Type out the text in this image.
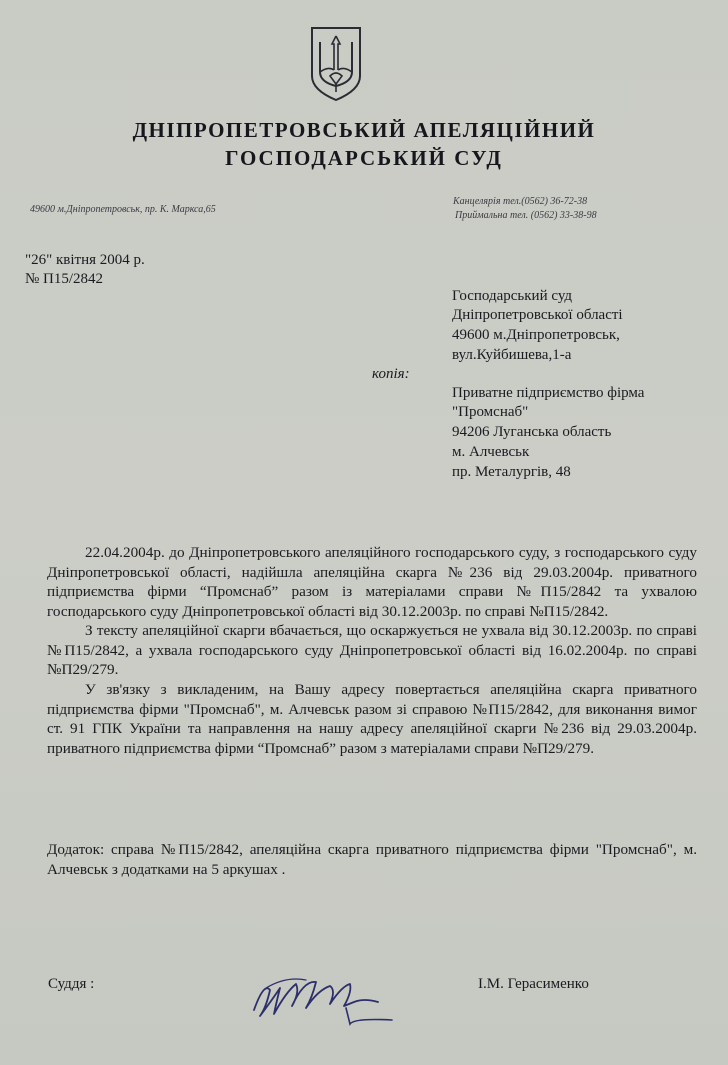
ДНІПРОПЕТРОВСЬКИЙ АПЕЛЯЦІЙНИЙ
ГОСПОДАРСЬКИЙ СУД
49600 м.Дніпропетровськ, пр. К. Маркса,65
Канцелярія тел.(0562) 36-72-38
Приймальна тел. (0562) 33-38-98
"26" квітня 2004 р.
№ П15/2842
Господарський суд
Дніпропетровської області
49600 м.Дніпропетровськ,
вул.Куйбишева,1-а
копія:
Приватне підприємство фірма
"Промснаб"
94206 Луганська область
м. Алчевськ
пр. Металургів, 48
22.04.2004р. до Дніпропетровського апеляційного господарського суду, з господарського суду Дніпропетровської області, надійшла апеляційна скарга №236 від 29.03.2004р. приватного підприємства фірми “Промснаб” разом із матеріалами справи №П15/2842 та ухвалою господарського суду Дніпропетровської області від 30.12.2003р. по справі №П15/2842.
З тексту апеляційної скарги вбачається, що оскаржується не ухвала від 30.12.2003р. по справі №П15/2842, а ухвала господарського суду Дніпропетровської області від 16.02.2004р. по справі №П29/279.
У зв'язку з викладеним, на Вашу адресу повертається апеляційна скарга приватного підприємства фірми "Промснаб", м. Алчевськ разом зі справою №П15/2842, для виконання вимог ст. 91 ГПК України та направлення на нашу адресу апеляційної скарги №236 від 29.03.2004р. приватного підприємства фірми “Промснаб” разом з матеріалами справи №П29/279.
Додаток: справа №П15/2842, апеляційна скарга приватного підприємства фірми "Промснаб", м. Алчевськ з додатками на 5 аркушах .
Суддя :	І.М. Герасименко
